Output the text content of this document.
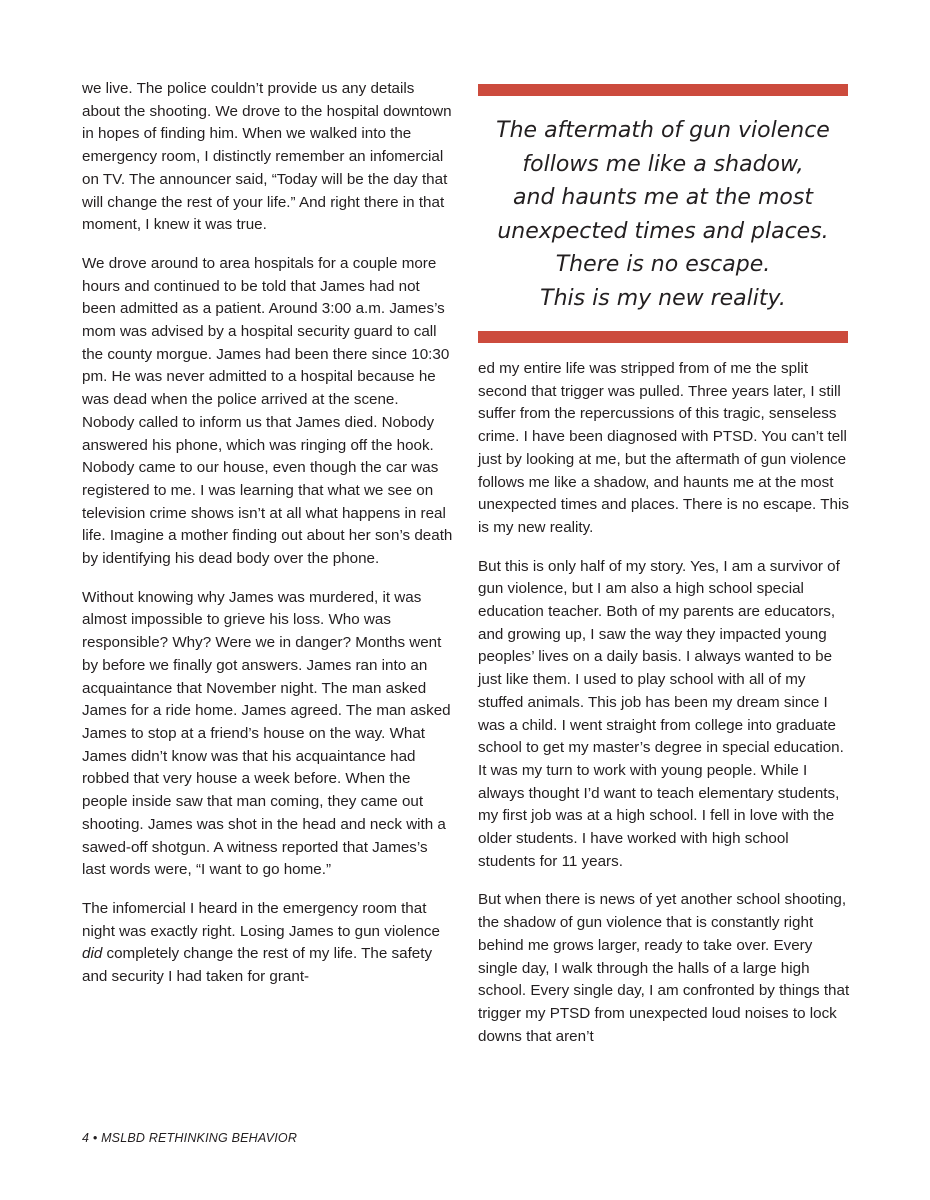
we live. The police couldn’t provide us any details about the shooting. We drove to the hospital downtown in hopes of finding him. When we walked into the emergency room, I distinctly remember an infomercial on TV. The announcer said, “Today will be the day that will change the rest of your life.” And right there in that moment, I knew it was true.

We drove around to area hospitals for a couple more hours and continued to be told that James had not been admitted as a patient. Around 3:00 a.m. James’s mom was advised by a hospital security guard to call the county morgue. James had been there since 10:30 pm. He was never admitted to a hospital because he was dead when the police arrived at the scene. Nobody called to inform us that James died. Nobody answered his phone, which was ringing off the hook. Nobody came to our house, even though the car was registered to me. I was learning that what we see on television crime shows isn’t at all what happens in real life. Imagine a mother finding out about her son’s death by identifying his dead body over the phone.

Without knowing why James was murdered, it was almost impossible to grieve his loss. Who was responsible? Why? Were we in danger? Months went by before we finally got answers. James ran into an acquaintance that November night. The man asked James for a ride home. James agreed. The man asked James to stop at a friend’s house on the way. What James didn’t know was that his acquaintance had robbed that very house a week before. When the people inside saw that man coming, they came out shooting. James was shot in the head and neck with a sawed-off shotgun. A witness reported that James’s last words were, “I want to go home.”

The infomercial I heard in the emergency room that night was exactly right. Losing James to gun violence did completely change the rest of my life. The safety and security I had taken for grant-

The aftermath of gun violence
follows me like a shadow,
and haunts me at the most
unexpected times and places.
There is no escape.
This is my new reality.

ed my entire life was stripped from of me the split second that trigger was pulled. Three years later, I still suffer from the repercussions of this tragic, senseless crime. I have been diagnosed with PTSD. You can’t tell just by looking at me, but the aftermath of gun violence follows me like a shadow, and haunts me at the most unexpected times and places. There is no escape. This is my new reality.

But this is only half of my story. Yes, I am a survivor of gun violence, but I am also a high school special education teacher. Both of my parents are educators, and growing up, I saw the way they impacted young peoples’ lives on a daily basis. I always wanted to be just like them. I used to play school with all of my stuffed animals. This job has been my dream since I was a child. I went straight from college into graduate school to get my master’s degree in special education. It was my turn to work with young people. While I always thought I’d want to teach elementary students, my first job was at a high school. I fell in love with the older students. I have worked with high school students for 11 years.

But when there is news of yet another school shooting, the shadow of gun violence that is constantly right behind me grows larger, ready to take over. Every single day, I walk through the halls of a large high school. Every single day, I am confronted by things that trigger my PTSD from unexpected loud noises to lock downs that aren’t

4 • MSLBD RETHINKING BEHAVIOR
